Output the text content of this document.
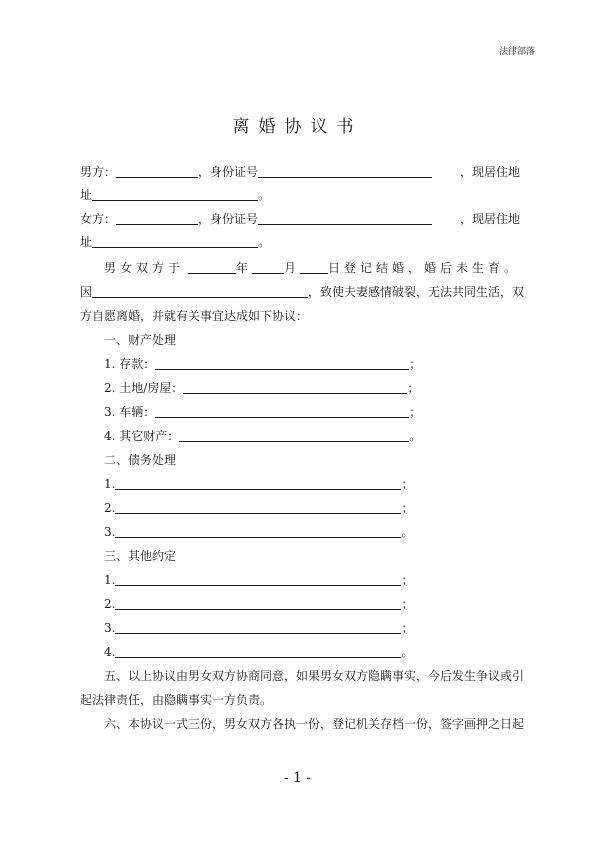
法律部落
离婚协议书
男方：	，身份证号	，现居住地
址	。
女方：	，身份证号	，现居住地
址	。
男女双方于	年	月	日登记结婚，婚后未生育。
因	，致使夫妻感情破裂，无法共同生活，双
方自愿离婚，并就有关事宜达成如下协议：
一、财产处理
1. 存款：	；
2. 土地/房屋：	；
3. 车辆：	；
4. 其它财产：	。
二、债务处理
1.	；
2.	；
3.	。
三、其他约定
1.	；
2.	；
3.	；
4.	。
五、以上协议由男女双方协商同意，如果男女双方隐瞒事实，今后发生争议或引
起法律责任，由隐瞒事实一方负责。
六、本协议一式三份，男女双方各执一份，登记机关存档一份，签字画押之日起
- 1 -
